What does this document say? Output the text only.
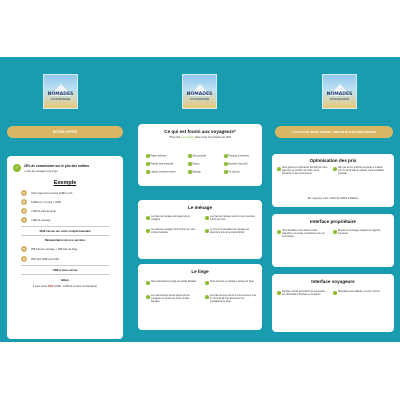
NOMADES
CONCIERGERIE
NOTRE OFFRE
✓	25% de commission sur le prix des nuitées
+ frais de ménage et de linge
Exemple
1	Votre logement est loué 100€ la nuit
2	100€/nuit x 4 nuits = 400€
3	+15€ de frais de linge
4	+25€ de ménage
440€ versés sur votre compte bancaire
Rémunération de nos services
5	25€ frais de ménage + 15€ frais de linge
6	25% des 400€ soit 100€
140€ à nous verser
Bilan
Il vous reste 300€ (440€ - 140€ de service conciergerie)
NOMADES
CONCIERGERIE
Ce qui est fourni aux voyageurs*
*Tout cela est compris dans notre commission de 25%
✓ Papier toilettes	✓ Sac poubelle	✓ Produits d'entretien
✓ Pastille lave-vaisselle	✓ Epices	✓ Bouteille d'accueil
✓ Liquide machine à laver	✓ Éponge	✓ Kit douche
Le ménage
✓	Les frais de ménage sont payés par le voyageur
✓	Les frais de ménages sont rendus sur votre compte bancaire
✓	Les frais de ménage seront à nous reversés à la fin de mois
✓	Le prix de la prestation de ménage est déterminé lors de la préinscription
Le linge
✓	Nous fournissons le linge de qualité hôtelière
✓	Les frais de linge seront payés par les voyageurs et versés sur votre compte bancaire
✓	Nous prenons en charge le lavage du linge
✓	Les frais de linge seront à nous renvoyer à la fin du mois afin de rémunérer nos prestataires de linge
NOMADES
CONCIERGERIE
LES PLUS DE NOTRE SOCIÉTÉ - MISE EN PLACE D'EXPLOITATION
Optimisation des prix
✓	Nous gérons et optimisons les tarifs de votre logement en fonction de l'offre, de la demande et des événements
✓	Afin que le prix proposé permette le meilleur prix sur la période et garantir notre rentabilité optimale
En moyenne c'est +30% de chiffre d'affaires
Interface propriétaire
✓	Vous bénéficiez d'un accès à notre calendrier et à toutes vos factures pour un suivi simple
✓	Envoie de messages réguliers et rapports mensuels
Interface voyageurs
✓	Interface simple permettant de transmettre les informations d'arrivée et de départ
✓	Disponible sous tablette, ou sur le 20 min
